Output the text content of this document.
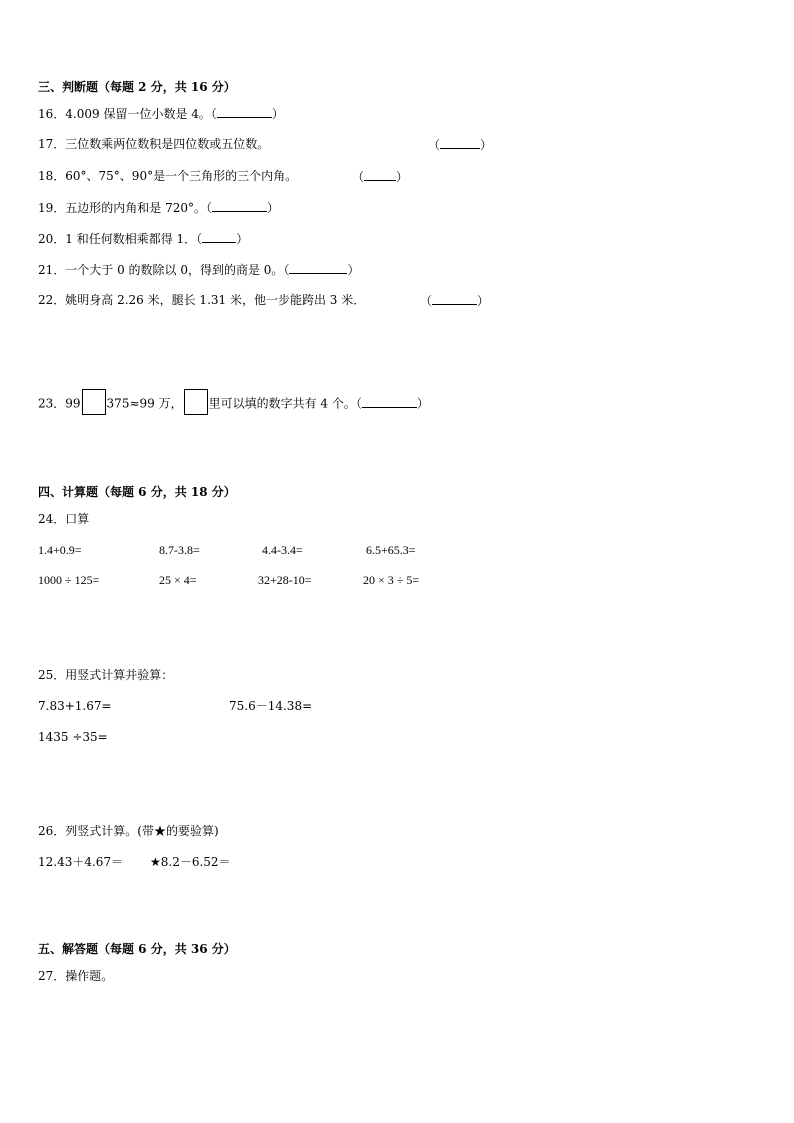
三、判断题（每题 2 分，共 16 分）
16．4.009 保留一位小数是 4。（	）
17．三位数乘两位数积是四位数或五位数。	（	）
18．60°、75°、90°是一个三角形的三个内角。	（	）
19．五边形的内角和是 720°。（	）
20．1 和任何数相乘都得 1．（	）
21．一个大于 0 的数除以 0，得到的商是 0。（	）
22．姚明身高 2.26 米，腿长 1.31 米，他一步能跨出 3 米．	（	）
23．99 375≈99 万， 里可以填的数字共有 4 个。（	）
四、计算题（每题 6 分，共 18 分）
24．口算
1.4+0.9=	8.7-3.8=	4.4-3.4=	6.5+65.3=
1000 ÷ 125=	25 × 4=	32+28-10=	20 × 3 ÷ 5=
25．用竖式计算并验算：
7.83+1.67=	75.6－14.38=
1435 ÷35=
26．列竖式计算。(带★的要验算)
12.43＋4.67＝ ★8.2－6.52＝
五、解答题（每题 6 分，共 36 分）
27．操作题。
